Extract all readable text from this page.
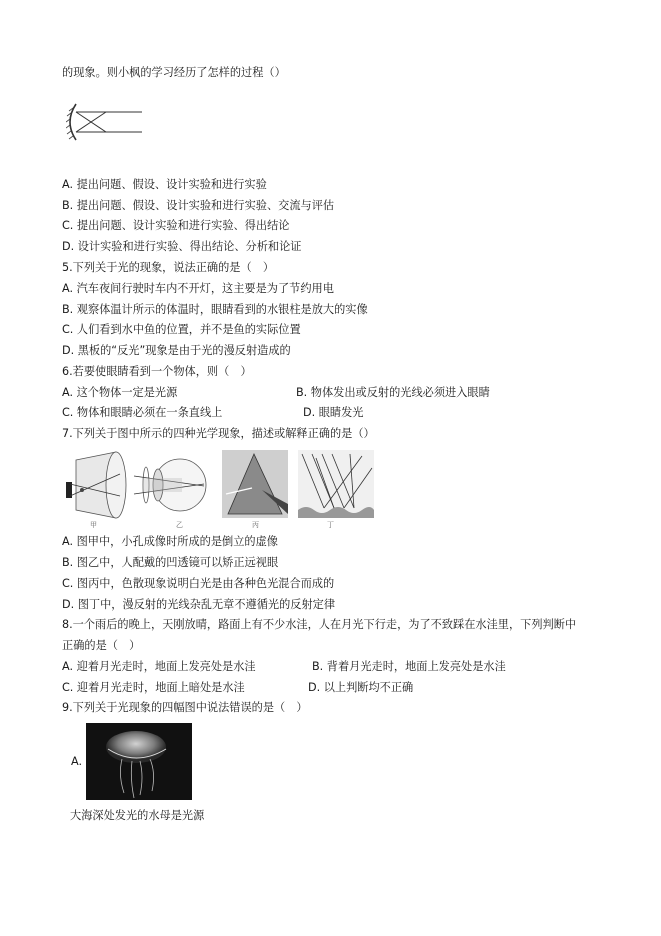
的现象。则小枫的学习经历了怎样的过程（）
A. 提出问题、假设、设计实验和进行实验
B. 提出问题、假设、设计实验和进行实验、交流与评估
C. 提出问题、设计实验和进行实验、得出结论
D. 设计实验和进行实验、得出结论、分析和论证
5.下列关于光的现象，说法正确的是（　）
A. 汽车夜间行驶时车内不开灯，这主要是为了节约用电
B. 观察体温计所示的体温时，眼睛看到的水银柱是放大的实像
C. 人们看到水中鱼的位置，并不是鱼的实际位置
D. 黑板的“反光”现象是由于光的漫反射造成的
6.若要使眼睛看到一个物体，则（　）
A. 这个物体一定是光源	B. 物体发出或反射的光线必须进入眼睛
C. 物体和眼睛必须在一条直线上	D. 眼睛发光
7.下列关于图中所示的四种光学现象，描述或解释正确的是（）
甲	乙	丙	丁
A. 图甲中，小孔成像时所成的是倒立的虚像
B. 图乙中，人配戴的凹透镜可以矫正远视眼
C. 图丙中，色散现象说明白光是由各种色光混合而成的
D. 图丁中，漫反射的光线杂乱无章不遵循光的反射定律
8.一个雨后的晚上，天刚放晴，路面上有不少水洼，人在月光下行走，为了不致踩在水洼里，下列判断中
正确的是（　）
A. 迎着月光走时，地面上发亮处是水洼	B. 背着月光走时，地面上发亮处是水洼
C. 迎着月光走时，地面上暗处是水洼	D. 以上判断均不正确
9.下列关于光现象的四幅图中说法错误的是（　）
A.
大海深处发光的水母是光源
